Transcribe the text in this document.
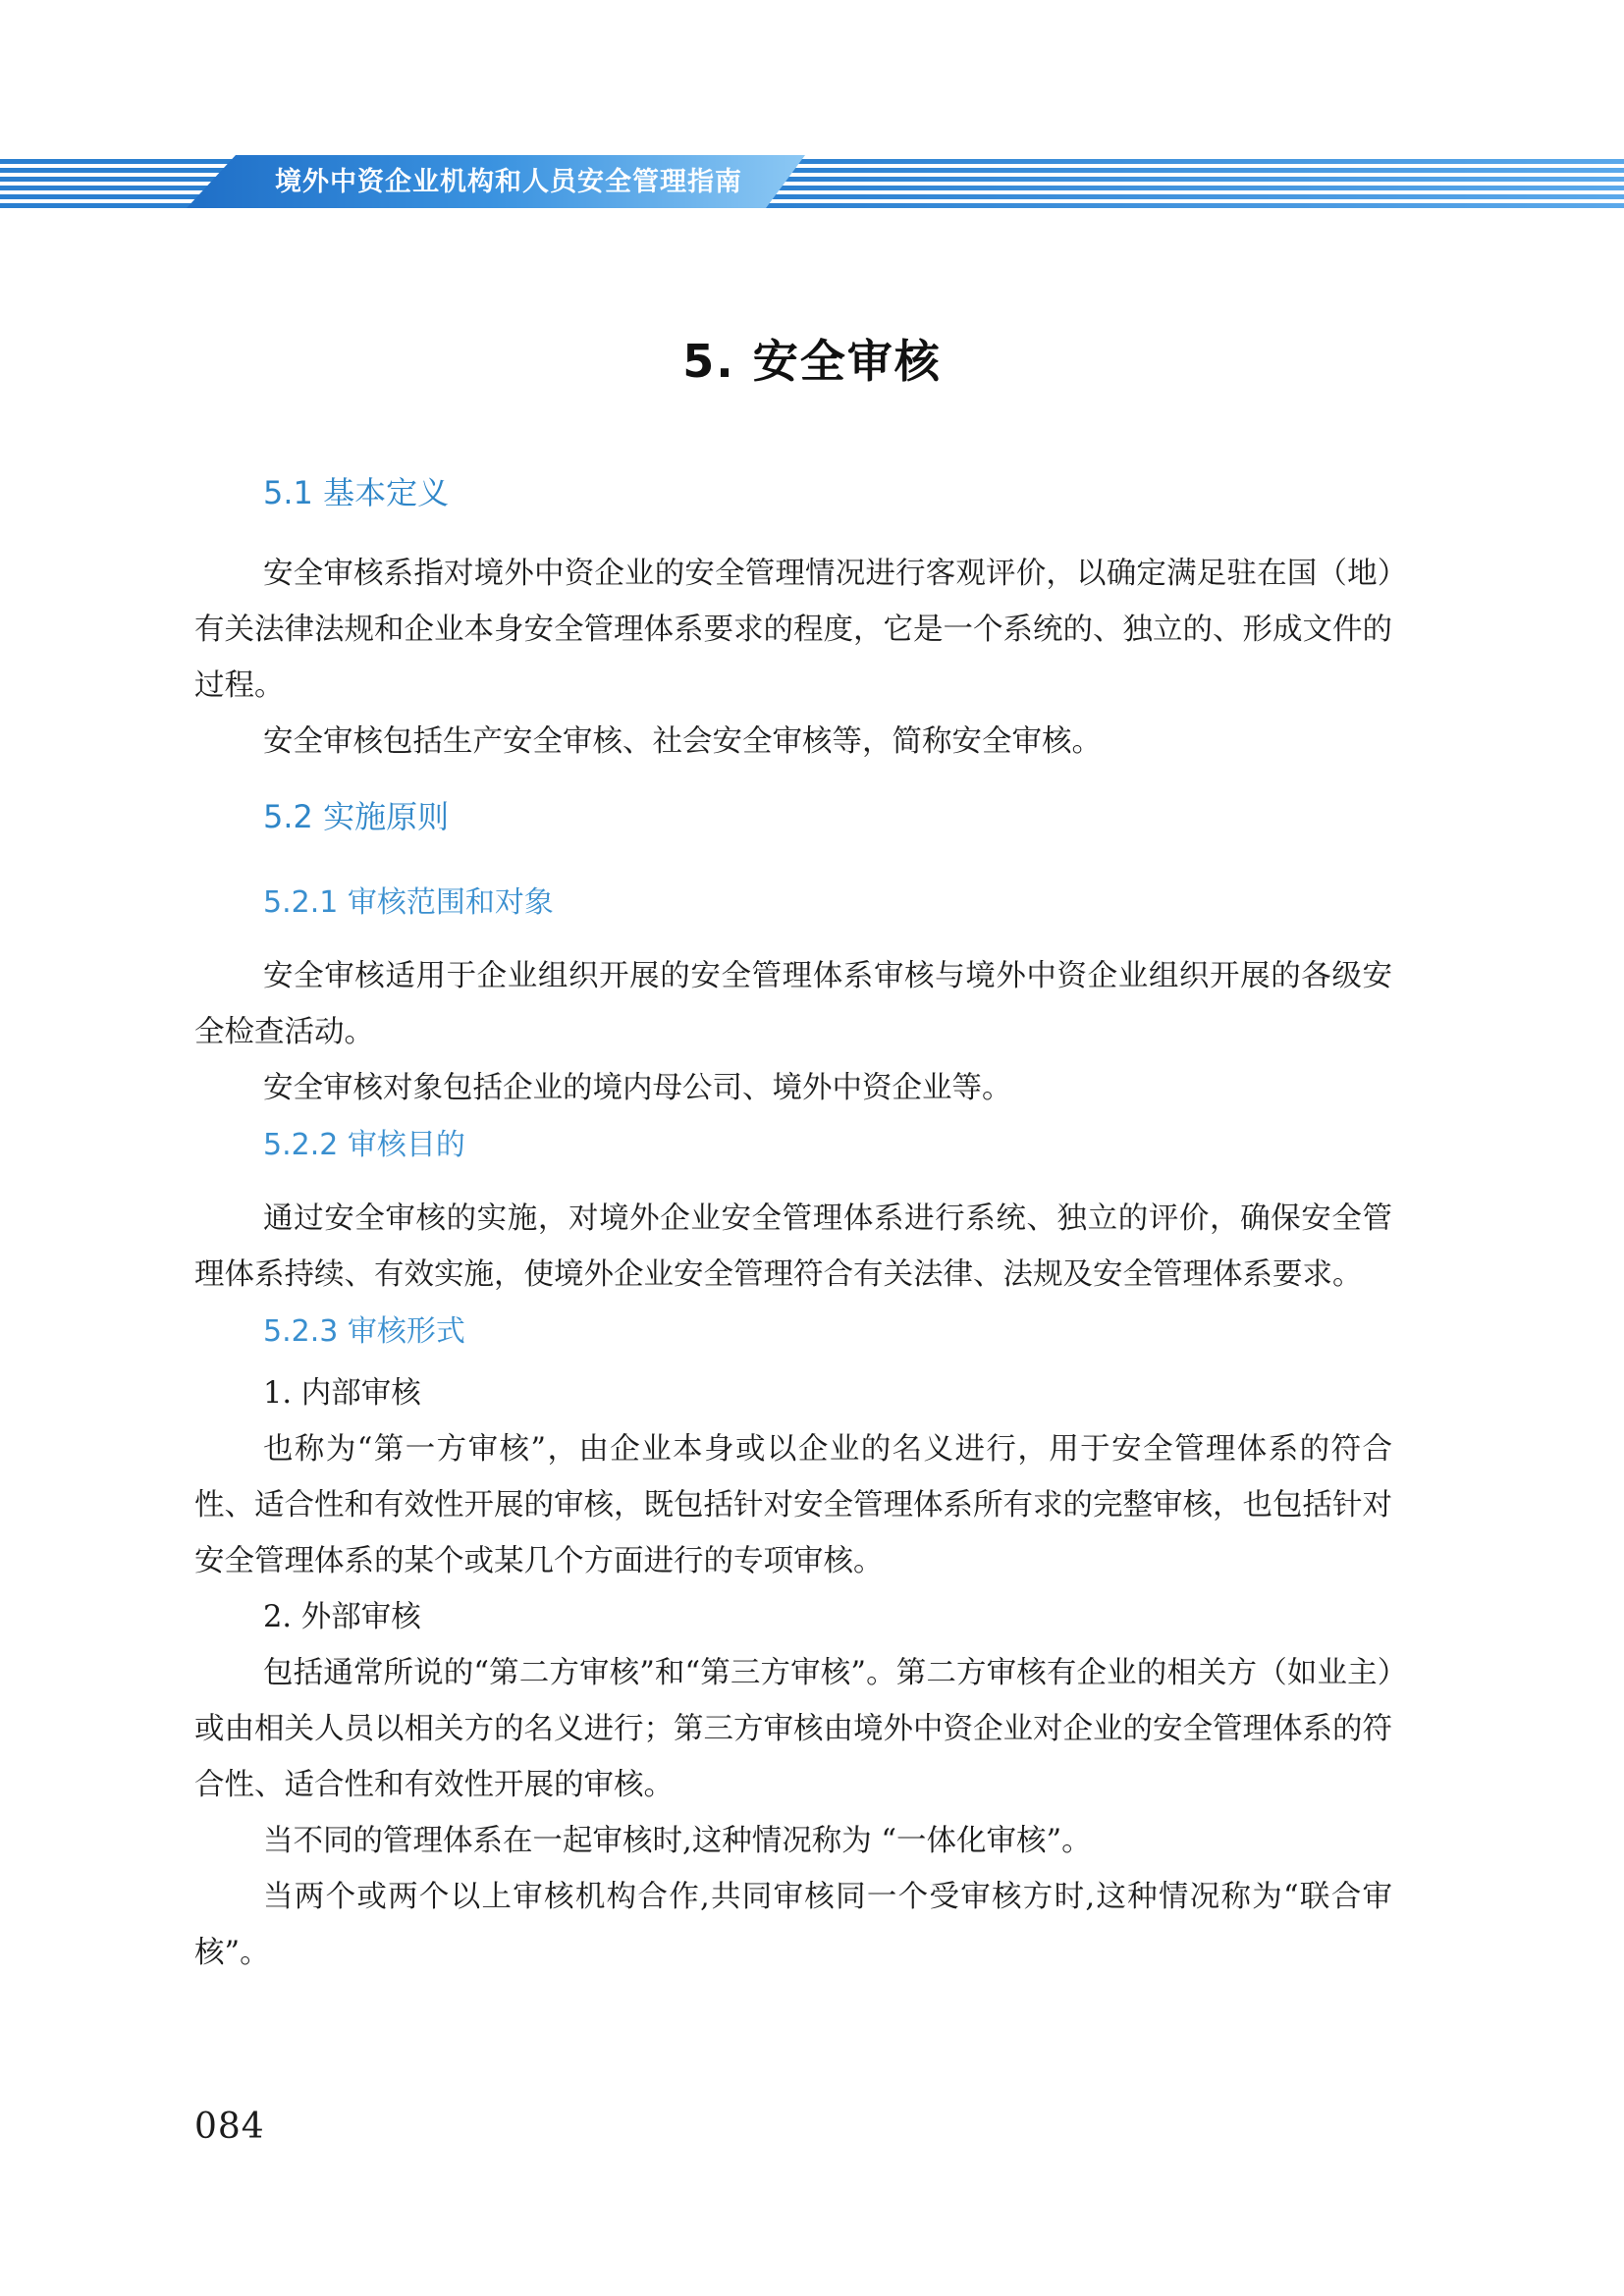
境外中资企业机构和人员安全管理指南
5. 安全审核
5.1 基本定义

安全审核系指对境外中资企业的安全管理情况进行客观评价，以确定满足驻在国（地）有关法律法规和企业本身安全管理体系要求的程度，它是一个系统的、独立的、形成文件的过程。

安全审核包括生产安全审核、社会安全审核等，简称安全审核。

5.2 实施原则
5.2.1 审核范围和对象

安全审核适用于企业组织开展的安全管理体系审核与境外中资企业组织开展的各级安全检查活动。

安全审核对象包括企业的境内母公司、境外中资企业等。

5.2.2 审核目的

通过安全审核的实施，对境外企业安全管理体系进行系统、独立的评价，确保安全管理体系持续、有效实施，使境外企业安全管理符合有关法律、法规及安全管理体系要求。

5.2.3 审核形式
1. 内部审核

也称为“第一方审核”，由企业本身或以企业的名义进行，用于安全管理体系的符合性、适合性和有效性开展的审核，既包括针对安全管理体系所有求的完整审核，也包括针对安全管理体系的某个或某几个方面进行的专项审核。

2. 外部审核

包括通常所说的“第二方审核”和“第三方审核”。第二方审核有企业的相关方（如业主）或由相关人员以相关方的名义进行；第三方审核由境外中资企业对企业的安全管理体系的符合性、适合性和有效性开展的审核。

当不同的管理体系在一起审核时,这种情况称为 “一体化审核”。

当两个或两个以上审核机构合作,共同审核同一个受审核方时,这种情况称为“联合审核”。

084
